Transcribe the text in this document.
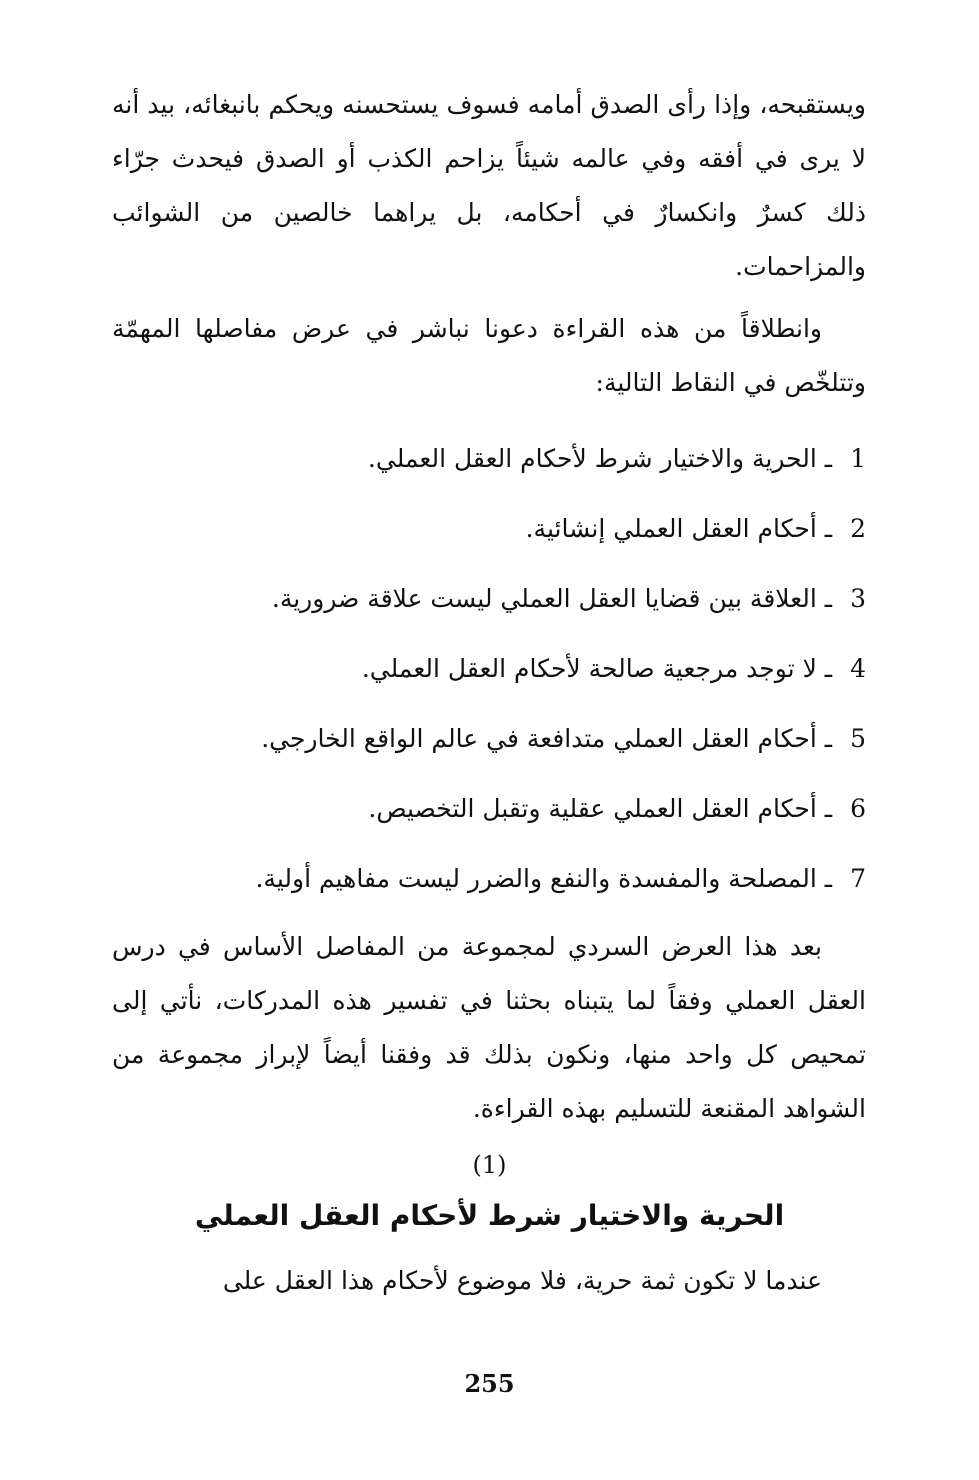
ويستقبحه، وإذا رأى الصدق أمامه فسوف يستحسنه ويحكم بانبغائه، بيد أنه لا يرى في أفقه وفي عالمه شيئاً يزاحم الكذب أو الصدق فيحدث جرّاء ذلك كسرٌ وانكسارٌ في أحكامه، بل يراهما خالصين من الشوائب والمزاحمات.

وانطلاقاً من هذه القراءة دعونا نباشر في عرض مفاصلها المهمّة وتتلخّص في النقاط التالية:

1ـ الحرية والاختيار شرط لأحكام العقل العملي.
2ـ أحكام العقل العملي إنشائية.
3ـ العلاقة بين قضايا العقل العملي ليست علاقة ضرورية.
4ـ لا توجد مرجعية صالحة لأحكام العقل العملي.
5ـ أحكام العقل العملي متدافعة في عالم الواقع الخارجي.
6ـ أحكام العقل العملي عقلية وتقبل التخصيص.
7ـ المصلحة والمفسدة والنفع والضرر ليست مفاهيم أولية.

بعد هذا العرض السردي لمجموعة من المفاصل الأساس في درس العقل العملي وفقاً لما يتبناه بحثنا في تفسير هذه المدركات، نأتي إلى تمحيص كل واحد منها، ونكون بذلك قد وفقنا أيضاً لإبراز مجموعة من الشواهد المقنعة للتسليم بهذه القراءة.

(1)
الحرية والاختيار شرط لأحكام العقل العملي

عندما لا تكون ثمة حرية، فلا موضوع لأحكام هذا العقل على

255
